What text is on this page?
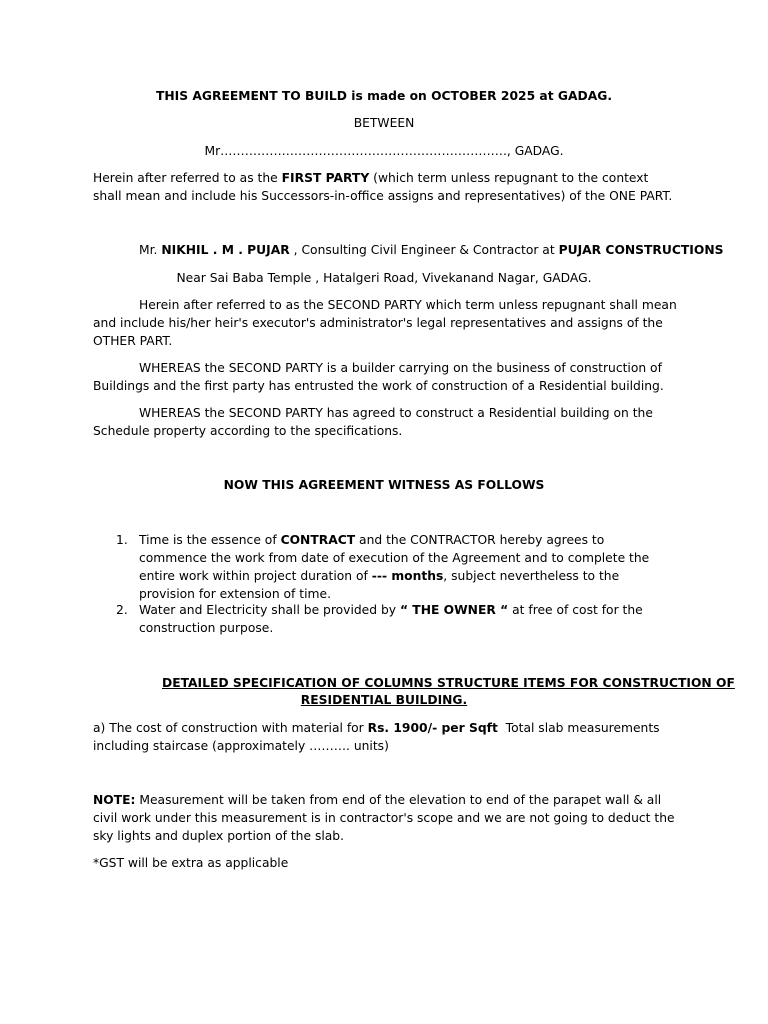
THIS AGREEMENT TO BUILD is made on OCTOBER 2025 at GADAG.
BETWEEN
Mr……………………………………………………………., GADAG.

Herein after referred to as the FIRST PARTY (which term unless repugnant to the context shall mean and include his Successors-in-office assigns and representatives) of the ONE PART.

Mr. NIKHIL . M . PUJAR , Consulting Civil Engineer & Contractor at PUJAR CONSTRUCTIONS
Near Sai Baba Temple , Hatalgeri Road, Vivekanand Nagar, GADAG.

Herein after referred to as the SECOND PARTY which term unless repugnant shall mean and include his/her heir's executor's administrator's legal representatives and assigns of the OTHER PART.

WHEREAS the SECOND PARTY is a builder carrying on the business of construction of Buildings and the first party has entrusted the work of construction of a Residential building.

WHEREAS the SECOND PARTY has agreed to construct a Residential building on the Schedule property according to the specifications.

NOW THIS AGREEMENT WITNESS AS FOLLOWS
1. Time is the essence of CONTRACT and the CONTRACTOR hereby agrees to commence the work from date of execution of the Agreement and to complete the entire work within project duration of --- months, subject nevertheless to the provision for extension of time.
2. Water and Electricity shall be provided by “ THE OWNER “ at free of cost for the construction purpose.
DETAILED SPECIFICATION OF COLUMNS STRUCTURE ITEMS FOR CONSTRUCTION OF
RESIDENTIAL BUILDING.

a) The cost of construction with material for Rs. 1900/- per Sqft  Total slab measurements including staircase (approximately ………. units)

NOTE: Measurement will be taken from end of the elevation to end of the parapet wall & all civil work under this measurement is in contractor's scope and we are not going to deduct the sky lights and duplex portion of the slab.

*GST will be extra as applicable
